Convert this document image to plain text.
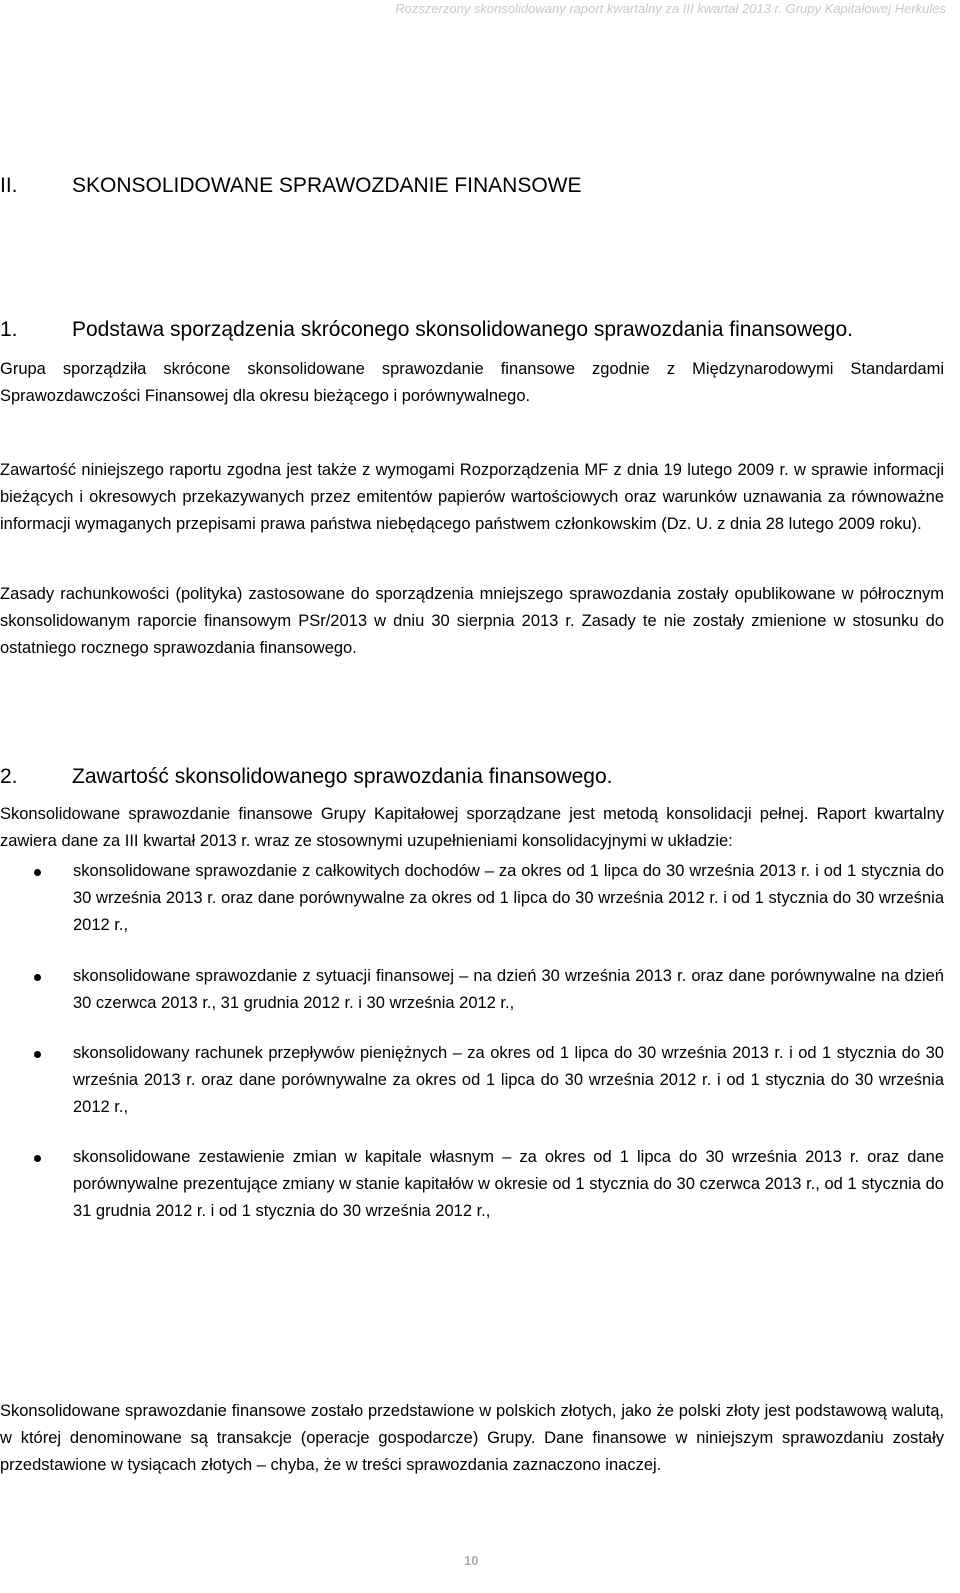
Rozszerzony skonsolidowany raport kwartalny za III kwartał 2013 r. Grupy Kapitałowej Herkules
II.	SKONSOLIDOWANE SPRAWOZDANIE FINANSOWE
1.	Podstawa sporządzenia skróconego skonsolidowanego sprawozdania finansowego.

Grupa sporządziła skrócone skonsolidowane sprawozdanie finansowe zgodnie z Międzynarodowymi Standardami Sprawozdawczości Finansowej dla okresu bieżącego i porównywalnego.

Zawartość niniejszego raportu zgodna jest także z wymogami Rozporządzenia MF z dnia 19 lutego 2009 r. w sprawie informacji bieżących i okresowych przekazywanych przez emitentów papierów wartościowych oraz warunków uznawania za równoważne informacji wymaganych przepisami prawa państwa niebędącego państwem członkowskim (Dz. U. z dnia 28 lutego 2009 roku).

Zasady rachunkowości (polityka) zastosowane do sporządzenia mniejszego sprawozdania zostały opublikowane w półrocznym skonsolidowanym raporcie finansowym PSr/2013 w dniu 30 sierpnia 2013 r. Zasady te nie zostały zmienione w stosunku do ostatniego rocznego sprawozdania finansowego.

2.	Zawartość skonsolidowanego sprawozdania finansowego.

Skonsolidowane sprawozdanie finansowe Grupy Kapitałowej sporządzane jest metodą konsolidacji pełnej. Raport kwartalny zawiera dane za III kwartał 2013 r. wraz ze stosownymi uzupełnieniami konsolidacyjnymi w układzie:

skonsolidowane sprawozdanie z całkowitych dochodów – za okres od 1 lipca do 30 września 2013 r. i od 1 stycznia do 30 września 2013 r. oraz dane porównywalne za okres od 1 lipca do 30 września 2012 r. i od 1 stycznia do 30 września 2012 r.,
skonsolidowane sprawozdanie z sytuacji finansowej – na dzień 30 września 2013 r. oraz dane porównywalne na dzień 30 czerwca 2013 r., 31 grudnia 2012 r. i 30 września 2012 r.,
skonsolidowany rachunek przepływów pieniężnych – za okres od 1 lipca do 30 września 2013 r. i od 1 stycznia do 30 września 2013 r. oraz dane porównywalne za okres od 1 lipca do 30 września 2012 r. i od 1 stycznia do 30 września 2012 r.,
skonsolidowane zestawienie zmian w kapitale własnym – za okres od 1 lipca do 30 września 2013 r. oraz dane porównywalne prezentujące zmiany w stanie kapitałów w okresie od 1 stycznia do 30 czerwca 2013 r., od 1 stycznia do 31 grudnia 2012 r. i od 1 stycznia do 30 września 2012 r.,

Skonsolidowane sprawozdanie finansowe zostało przedstawione w polskich złotych, jako że polski złoty jest podstawową walutą, w której denominowane są transakcje (operacje gospodarcze) Grupy. Dane finansowe w niniejszym sprawozdaniu zostały przedstawione w tysiącach złotych – chyba, że w treści sprawozdania zaznaczono inaczej.

10
